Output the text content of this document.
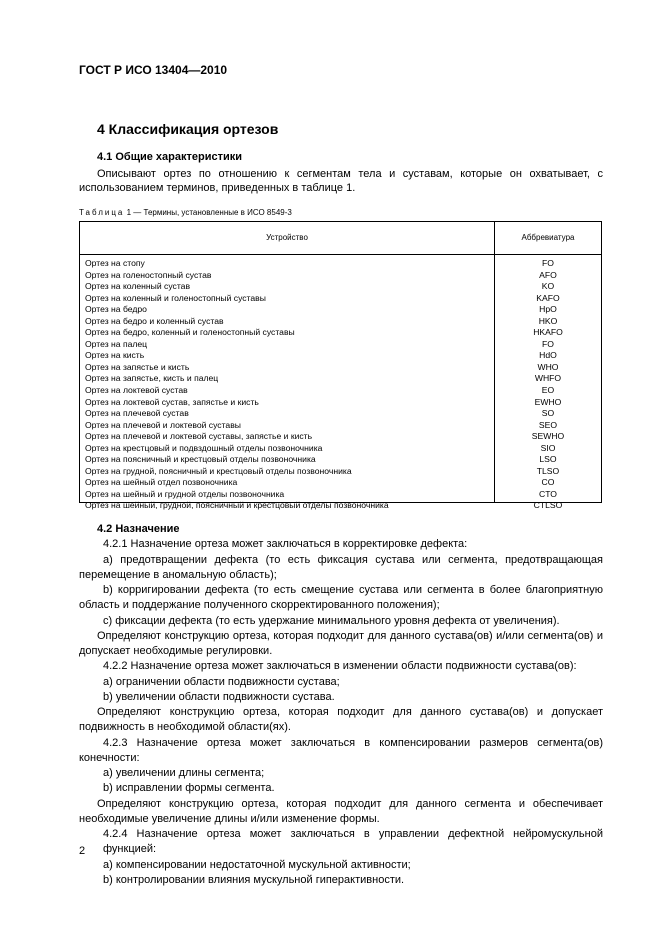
ГОСТ Р ИСО 13404—2010
4 Классификация ортезов
4.1 Общие характеристики
Описывают ортез по отношению к сегментам тела и суставам, которые он охватывает, с использованием терминов, приведенных в таблице 1.
Таблица 1 — Термины, установленные в ИСО 8549-3
Устройство	Аббревиатура
Ортез на стопу	FO
Ортез на голеностопный сустав	AFO
Ортез на коленный сустав	KO
Ортез на коленный и голеностопный суставы	KAFO
Ортез на бедро	HpO
Ортез на бедро и коленный сустав	HKO
Ортез на бедро, коленный и голеностопный суставы	HKAFO
Ортез на палец	FO
Ортез на кисть	HdO
Ортез на запястье и кисть	WHO
Ортез на запястье, кисть и палец	WHFO
Ортез на локтевой сустав	EO
Ортез на локтевой сустав, запястье и кисть	EWHO
Ортез на плечевой сустав	SO
Ортез на плечевой и локтевой суставы	SEO
Ортез на плечевой и локтевой суставы, запястье и кисть	SEWHO
Ортез на крестцовый и подвздошный отделы позвоночника	SIO
Ортез на поясничный и крестцовый отделы позвоночника	LSO
Ортез на грудной, поясничный и крестцовый отделы позвоночника	TLSO
Ортез на шейный отдел позвоночника	CO
Ортез на шейный и грудной отделы позвоночника	CTO
Ортез на шейный, грудной, поясничный и крестцовый отделы позвоночника	CTLSO

4.2 Назначение

4.2.1 Назначение ортеза может заключаться в корректировке дефекта:

a) предотвращении дефекта (то есть фиксация сустава или сегмента, предотвращающая перемещение в аномальную область);

b) корригировании дефекта (то есть смещение сустава или сегмента в более благоприятную область и поддержание полученного скорректированного положения);

c) фиксации дефекта (то есть удержание минимального уровня дефекта от увеличения).

Определяют конструкцию ортеза, которая подходит для данного сустава(ов) и/или сегмента(ов) и допускает необходимые регулировки.

4.2.2 Назначение ортеза может заключаться в изменении области подвижности сустава(ов):

a) ограничении области подвижности сустава;

b) увеличении области подвижности сустава.

Определяют конструкцию ортеза, которая подходит для данного сустава(ов) и допускает подвижность в необходимой области(ях).

4.2.3 Назначение ортеза может заключаться в компенсировании размеров сегмента(ов) конечности:

a) увеличении длины сегмента;

b) исправлении формы сегмента.

Определяют конструкцию ортеза, которая подходит для данного сегмента и обеспечивает необходимые увеличение длины и/или изменение формы.

4.2.4 Назначение ортеза может заключаться в управлении дефектной нейромускульной функцией:

a) компенсировании недостаточной мускульной активности;

b) контролировании влияния мускульной гиперактивности.

2
